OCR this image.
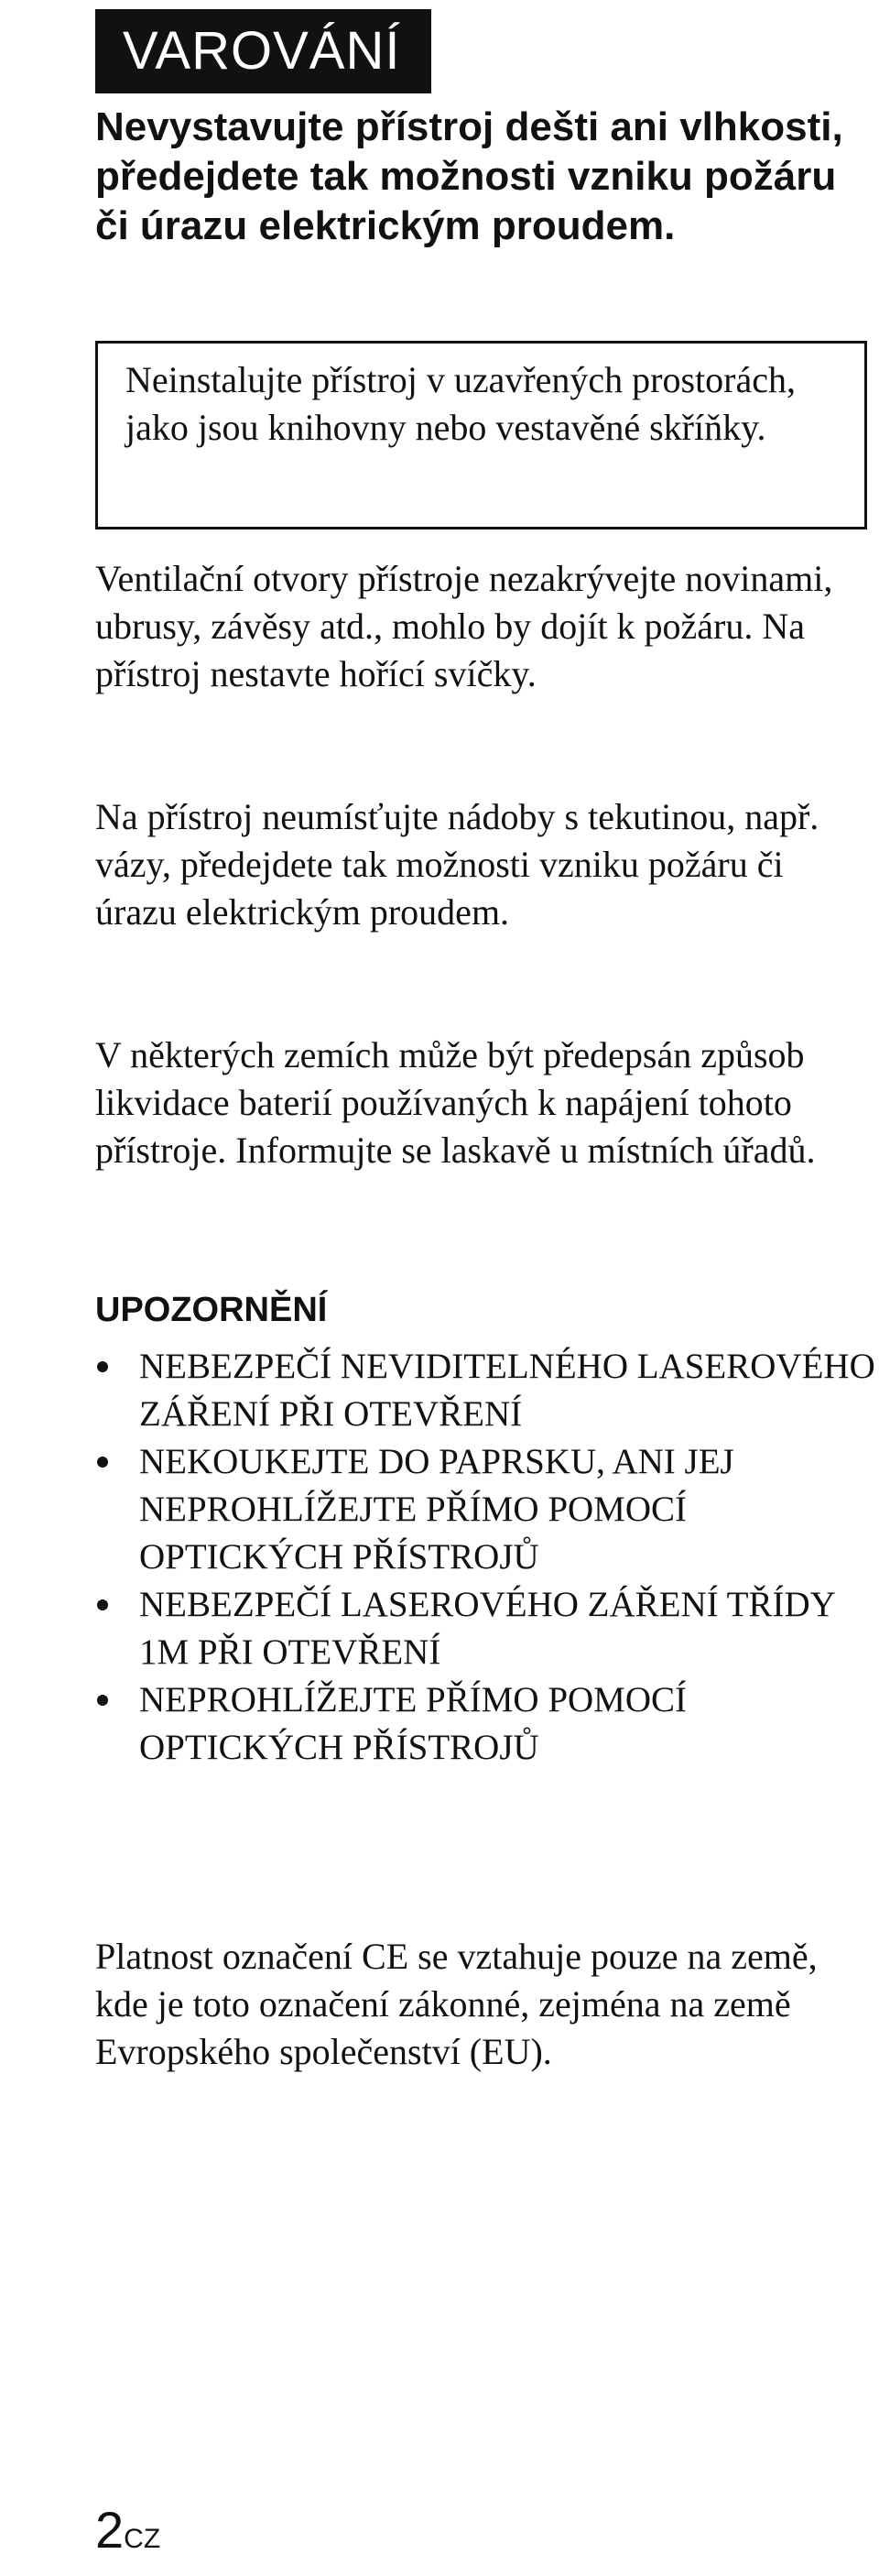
VAROVÁNÍ

Nevystavujte přístroj dešti ani vlhkosti, předejdete tak možnosti vzniku požáru či úrazu elektrickým proudem.

Neinstalujte přístroj v uzavřených prostorách, jako jsou knihovny nebo vestavěné skříňky.

Ventilační otvory přístroje nezakrývejte novinami, ubrusy, závěsy atd., mohlo by dojít k požáru. Na přístroj nestavte hořící svíčky.

Na přístroj neumísťujte nádoby s tekutinou, např. vázy, předejdete tak možnosti vzniku požáru či úrazu elektrickým proudem.

V některých zemích může být předepsán způsob likvidace baterií používaných k napájení tohoto přístroje. Informujte se laskavě u místních úřadů.

UPOZORNĚNÍ
NEBEZPEČÍ NEVIDITELNÉHO LASEROVÉHO ZÁŘENÍ PŘI OTEVŘENÍ
NEKOUKEJTE DO PAPRSKU, ANI JEJ NEPROHLÍŽEJTE PŘÍMO POMOCÍ OPTICKÝCH PŘÍSTROJŮ
NEBEZPEČÍ LASEROVÉHO ZÁŘENÍ TŘÍDY 1M PŘI OTEVŘENÍ
NEPROHLÍŽEJTE PŘÍMO POMOCÍ OPTICKÝCH PŘÍSTROJŮ

Platnost označení CE se vztahuje pouze na země, kde je toto označení zákonné, zejména na země Evropského společenství (EU).

2CZ
